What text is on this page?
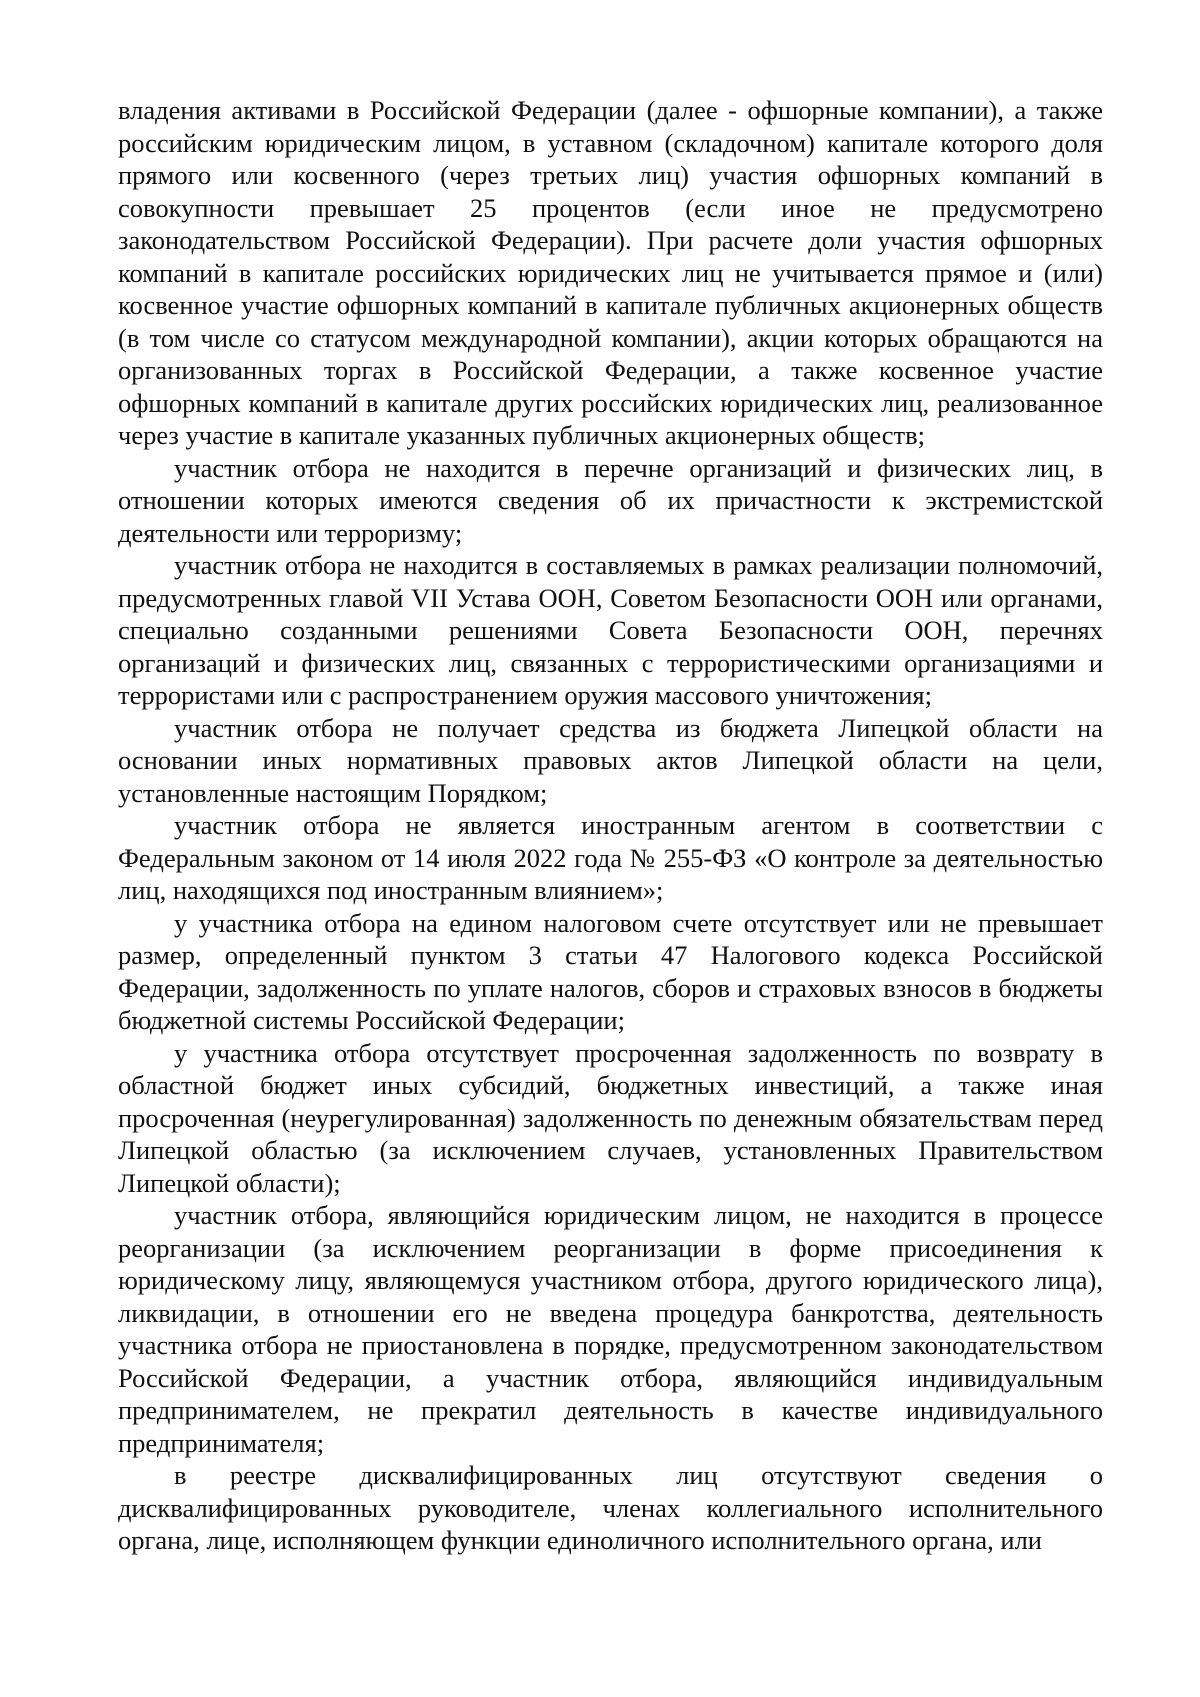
владения активами в Российской Федерации (далее - офшорные компании), а также российским юридическим лицом, в уставном (складочном) капитале которого доля прямого или косвенного (через третьих лиц) участия офшорных компаний в совокупности превышает 25 процентов (если иное не предусмотрено законодательством Российской Федерации). При расчете доли участия офшорных компаний в капитале российских юридических лиц не учитывается прямое и (или) косвенное участие офшорных компаний в капитале публичных акционерных обществ (в том числе со статусом международной компании), акции которых обращаются на организованных торгах в Российской Федерации, а также косвенное участие офшорных компаний в капитале других российских юридических лиц, реализованное через участие в капитале указанных публичных акционерных обществ;

участник отбора не находится в перечне организаций и физических лиц, в отношении которых имеются сведения об их причастности к экстремистской деятельности или терроризму;

участник отбора не находится в составляемых в рамках реализации полномочий, предусмотренных главой VII Устава ООН, Советом Безопасности ООН или органами, специально созданными решениями Совета Безопасности ООН, перечнях организаций и физических лиц, связанных с террористическими организациями и террористами или с распространением оружия массового уничтожения;

участник отбора не получает средства из бюджета Липецкой области на основании иных нормативных правовых актов Липецкой области на цели, установленные настоящим Порядком;

участник отбора не является иностранным агентом в соответствии с Федеральным законом от 14 июля 2022 года № 255-ФЗ «О контроле за деятельностью лиц, находящихся под иностранным влиянием»;

у участника отбора на едином налоговом счете отсутствует или не превышает размер, определенный пунктом 3 статьи 47 Налогового кодекса Российской Федерации, задолженность по уплате налогов, сборов и страховых взносов в бюджеты бюджетной системы Российской Федерации;

у участника отбора отсутствует просроченная задолженность по возврату в областной бюджет иных субсидий, бюджетных инвестиций, а также иная просроченная (неурегулированная) задолженность по денежным обязательствам перед Липецкой областью (за исключением случаев, установленных Правительством Липецкой области);

участник отбора, являющийся юридическим лицом, не находится в процессе реорганизации (за исключением реорганизации в форме присоединения к юридическому лицу, являющемуся участником отбора, другого юридического лица), ликвидации, в отношении его не введена процедура банкротства, деятельность участника отбора не приостановлена в порядке, предусмотренном законодательством Российской Федерации, а участник отбора, являющийся индивидуальным предпринимателем, не прекратил деятельность в качестве индивидуального предпринимателя;

в реестре дисквалифицированных лиц отсутствуют сведения о дисквалифицированных руководителе, членах коллегиального исполнительного органа, лице, исполняющем функции единоличного исполнительного органа, или
